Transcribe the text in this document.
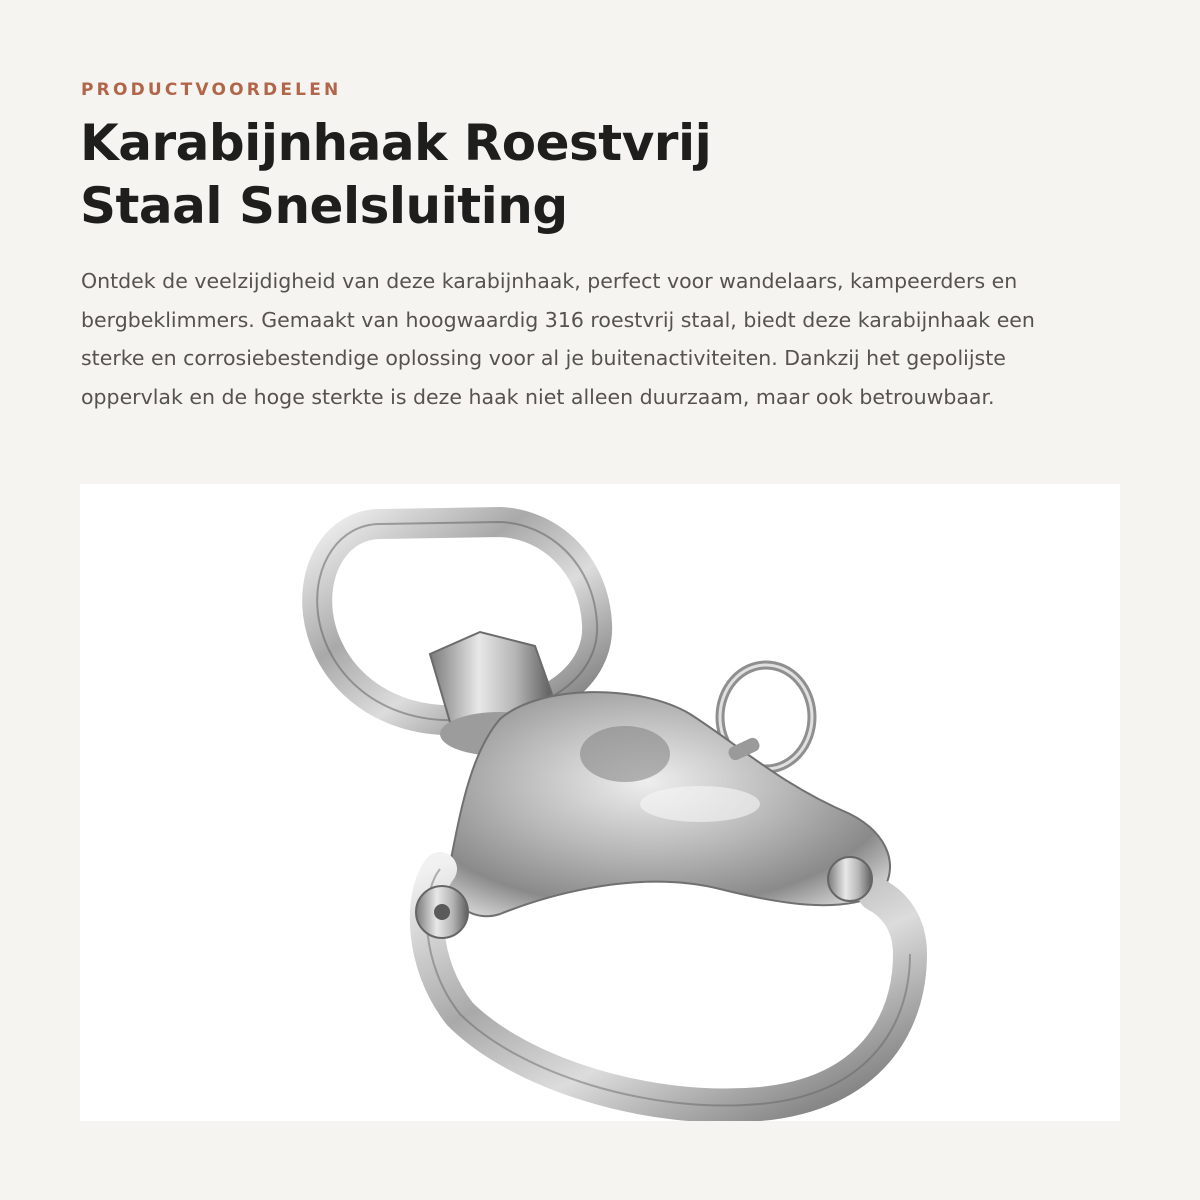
PRODUCTVOORDELEN

Karabijnhaak Roestvrij
Staal Snelsluiting

Ontdek de veelzijdigheid van deze karabijnhaak, perfect voor wandelaars, kampeerders en bergbeklimmers. Gemaakt van hoogwaardig 316 roestvrij staal, biedt deze karabijnhaak een sterke en corrosiebestendige oplossing voor al je buitenactiviteiten. Dankzij het gepolijste oppervlak en de hoge sterkte is deze haak niet alleen duurzaam, maar ook betrouwbaar.
